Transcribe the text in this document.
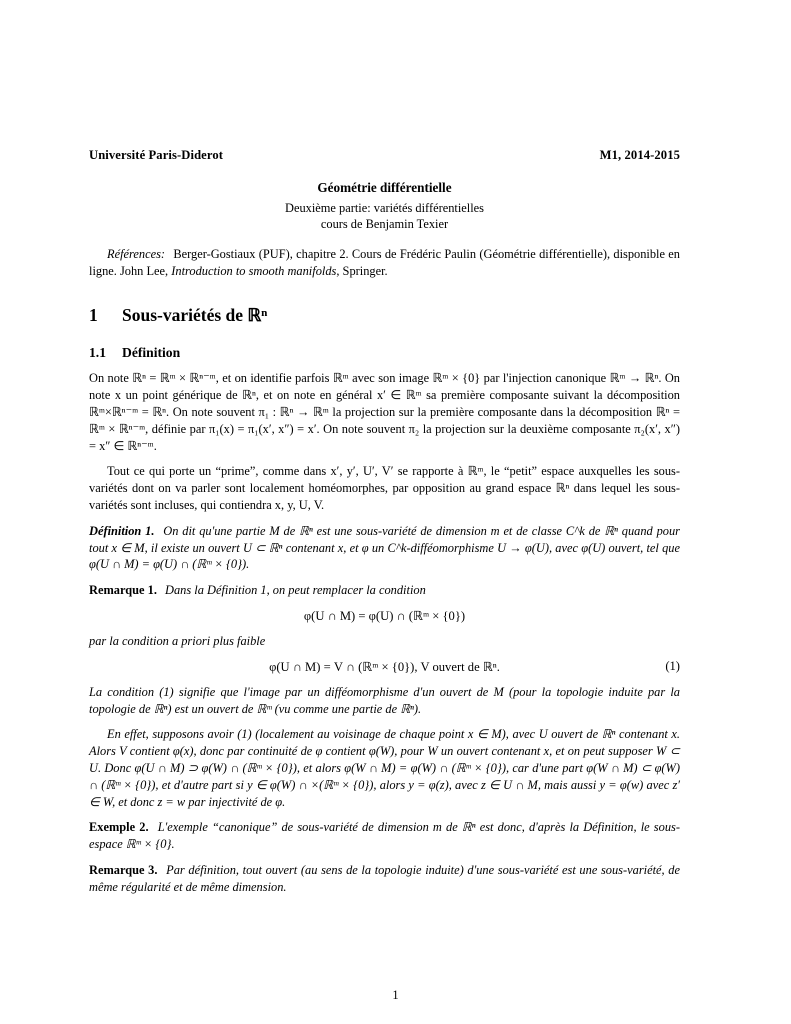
Université Paris-Diderot	M1, 2014-2015
Géométrie différentielle
Deuxième partie: variétés différentielles
cours de Benjamin Texier
Références: Berger-Gostiaux (PUF), chapitre 2. Cours de Frédéric Paulin (Géométrie différentielle), disponible en ligne. John Lee, Introduction to smooth manifolds, Springer.
1 Sous-variétés de ℝⁿ
1.1 Définition

On note ℝⁿ = ℝᵐ × ℝⁿ⁻ᵐ, et on identifie parfois ℝᵐ avec son image ℝᵐ × {0} par l'injection canonique ℝᵐ → ℝⁿ. On note x un point générique de ℝⁿ, et on note en général x′ ∈ ℝᵐ sa première composante suivant la décomposition ℝᵐ×ℝⁿ⁻ᵐ = ℝⁿ. On note souvent π₁ : ℝⁿ → ℝᵐ la projection sur la première composante dans la décomposition ℝⁿ = ℝᵐ × ℝⁿ⁻ᵐ, définie par π₁(x) = π₁(x′, x″) = x′. On note souvent π₂ la projection sur la deuxième composante π₂(x′, x″) = x″ ∈ ℝⁿ⁻ᵐ.

Tout ce qui porte un “prime”, comme dans x′, y′, U′, V′ se rapporte à ℝᵐ, le “petit” espace auxquelles les sous-variétés dont on va parler sont localement homéomorphes, par opposition au grand espace ℝⁿ dans lequel les sous-variétés sont incluses, qui contiendra x, y, U, V.

Définition 1. On dit qu'une partie M de ℝⁿ est une sous-variété de dimension m et de classe C^k de ℝⁿ quand pour tout x ∈ M, il existe un ouvert U ⊂ ℝⁿ contenant x, et φ un C^k-difféomorphisme U → φ(U), avec φ(U) ouvert, tel que φ(U ∩ M) = φ(U) ∩ (ℝᵐ × {0}).
Remarque 1. Dans la Définition 1, on peut remplacer la condition
φ(U ∩ M) = φ(U) ∩ (ℝᵐ × {0})
par la condition a priori plus faible
φ(U ∩ M) = V ∩ (ℝᵐ × {0}), V ouvert de ℝⁿ.	(1)
La condition (1) signifie que l'image par un difféomorphisme d'un ouvert de M (pour la topologie induite par la topologie de ℝⁿ) est un ouvert de ℝᵐ (vu comme une partie de ℝⁿ).
En effet, supposons avoir (1) (localement au voisinage de chaque point x ∈ M), avec U ouvert de ℝⁿ contenant x. Alors V contient φ(x), donc par continuité de φ contient φ(W), pour W un ouvert contenant x, et on peut supposer W ⊂ U. Donc φ(U ∩ M) ⊃ φ(W) ∩ (ℝᵐ × {0}), et alors φ(W ∩ M) = φ(W) ∩ (ℝᵐ × {0}), car d'une part φ(W ∩ M) ⊂ φ(W) ∩ (ℝᵐ × {0}), et d'autre part si y ∈ φ(W) ∩ ×(ℝᵐ × {0}), alors y = φ(z), avec z ∈ U ∩ M, mais aussi y = φ(w) avec z′ ∈ W, et donc z = w par injectivité de φ.
Exemple 2. L'exemple “canonique” de sous-variété de dimension m de ℝⁿ est donc, d'après la Définition, le sous-espace ℝᵐ × {0}.
Remarque 3. Par définition, tout ouvert (au sens de la topologie induite) d'une sous-variété est une sous-variété, de même régularité et de même dimension.
1
